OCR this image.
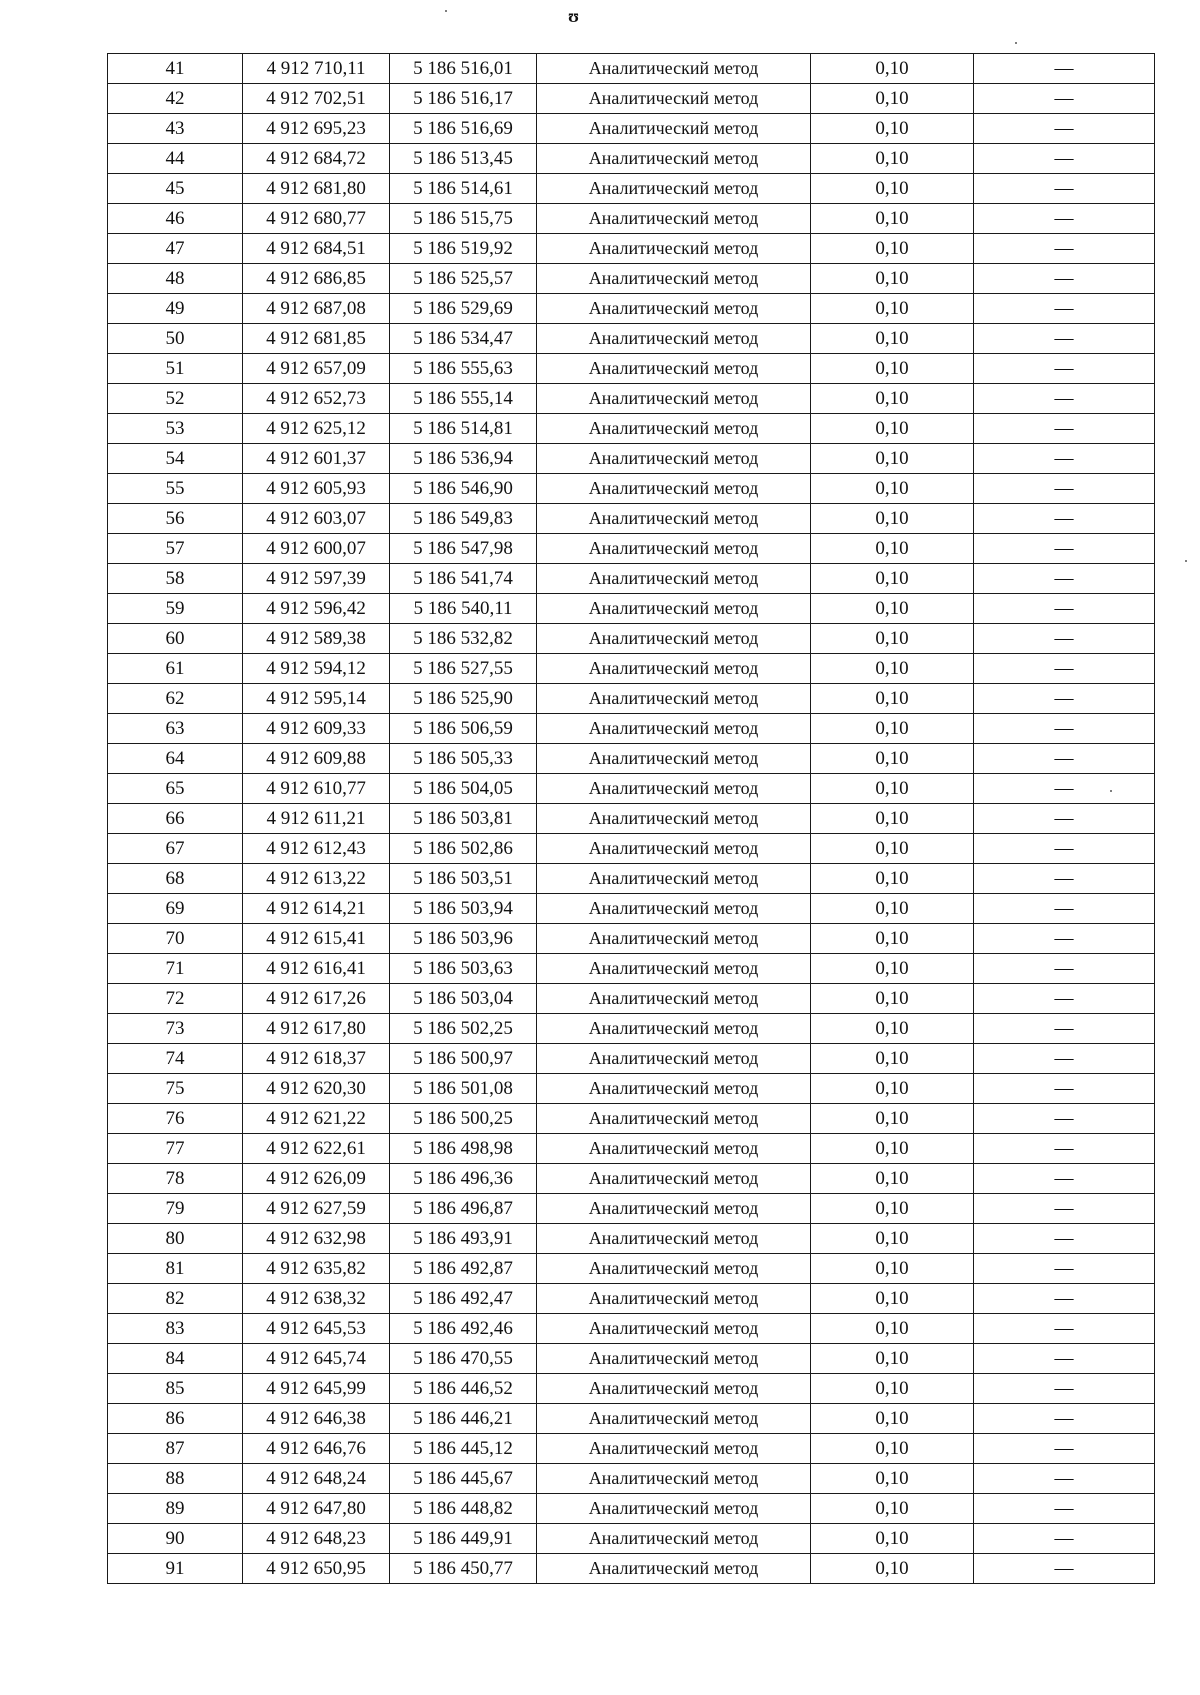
ʊ
41	4 912 710,11	5 186 516,01	Аналитический метод	0,10	—
42	4 912 702,51	5 186 516,17	Аналитический метод	0,10	—
43	4 912 695,23	5 186 516,69	Аналитический метод	0,10	—
44	4 912 684,72	5 186 513,45	Аналитический метод	0,10	—
45	4 912 681,80	5 186 514,61	Аналитический метод	0,10	—
46	4 912 680,77	5 186 515,75	Аналитический метод	0,10	—
47	4 912 684,51	5 186 519,92	Аналитический метод	0,10	—
48	4 912 686,85	5 186 525,57	Аналитический метод	0,10	—
49	4 912 687,08	5 186 529,69	Аналитический метод	0,10	—
50	4 912 681,85	5 186 534,47	Аналитический метод	0,10	—
51	4 912 657,09	5 186 555,63	Аналитический метод	0,10	—
52	4 912 652,73	5 186 555,14	Аналитический метод	0,10	—
53	4 912 625,12	5 186 514,81	Аналитический метод	0,10	—
54	4 912 601,37	5 186 536,94	Аналитический метод	0,10	—
55	4 912 605,93	5 186 546,90	Аналитический метод	0,10	—
56	4 912 603,07	5 186 549,83	Аналитический метод	0,10	—
57	4 912 600,07	5 186 547,98	Аналитический метод	0,10	—
58	4 912 597,39	5 186 541,74	Аналитический метод	0,10	—
59	4 912 596,42	5 186 540,11	Аналитический метод	0,10	—
60	4 912 589,38	5 186 532,82	Аналитический метод	0,10	—
61	4 912 594,12	5 186 527,55	Аналитический метод	0,10	—
62	4 912 595,14	5 186 525,90	Аналитический метод	0,10	—
63	4 912 609,33	5 186 506,59	Аналитический метод	0,10	—
64	4 912 609,88	5 186 505,33	Аналитический метод	0,10	—
65	4 912 610,77	5 186 504,05	Аналитический метод	0,10	—
66	4 912 611,21	5 186 503,81	Аналитический метод	0,10	—
67	4 912 612,43	5 186 502,86	Аналитический метод	0,10	—
68	4 912 613,22	5 186 503,51	Аналитический метод	0,10	—
69	4 912 614,21	5 186 503,94	Аналитический метод	0,10	—
70	4 912 615,41	5 186 503,96	Аналитический метод	0,10	—
71	4 912 616,41	5 186 503,63	Аналитический метод	0,10	—
72	4 912 617,26	5 186 503,04	Аналитический метод	0,10	—
73	4 912 617,80	5 186 502,25	Аналитический метод	0,10	—
74	4 912 618,37	5 186 500,97	Аналитический метод	0,10	—
75	4 912 620,30	5 186 501,08	Аналитический метод	0,10	—
76	4 912 621,22	5 186 500,25	Аналитический метод	0,10	—
77	4 912 622,61	5 186 498,98	Аналитический метод	0,10	—
78	4 912 626,09	5 186 496,36	Аналитический метод	0,10	—
79	4 912 627,59	5 186 496,87	Аналитический метод	0,10	—
80	4 912 632,98	5 186 493,91	Аналитический метод	0,10	—
81	4 912 635,82	5 186 492,87	Аналитический метод	0,10	—
82	4 912 638,32	5 186 492,47	Аналитический метод	0,10	—
83	4 912 645,53	5 186 492,46	Аналитический метод	0,10	—
84	4 912 645,74	5 186 470,55	Аналитический метод	0,10	—
85	4 912 645,99	5 186 446,52	Аналитический метод	0,10	—
86	4 912 646,38	5 186 446,21	Аналитический метод	0,10	—
87	4 912 646,76	5 186 445,12	Аналитический метод	0,10	—
88	4 912 648,24	5 186 445,67	Аналитический метод	0,10	—
89	4 912 647,80	5 186 448,82	Аналитический метод	0,10	—
90	4 912 648,23	5 186 449,91	Аналитический метод	0,10	—
91	4 912 650,95	5 186 450,77	Аналитический метод	0,10	—
